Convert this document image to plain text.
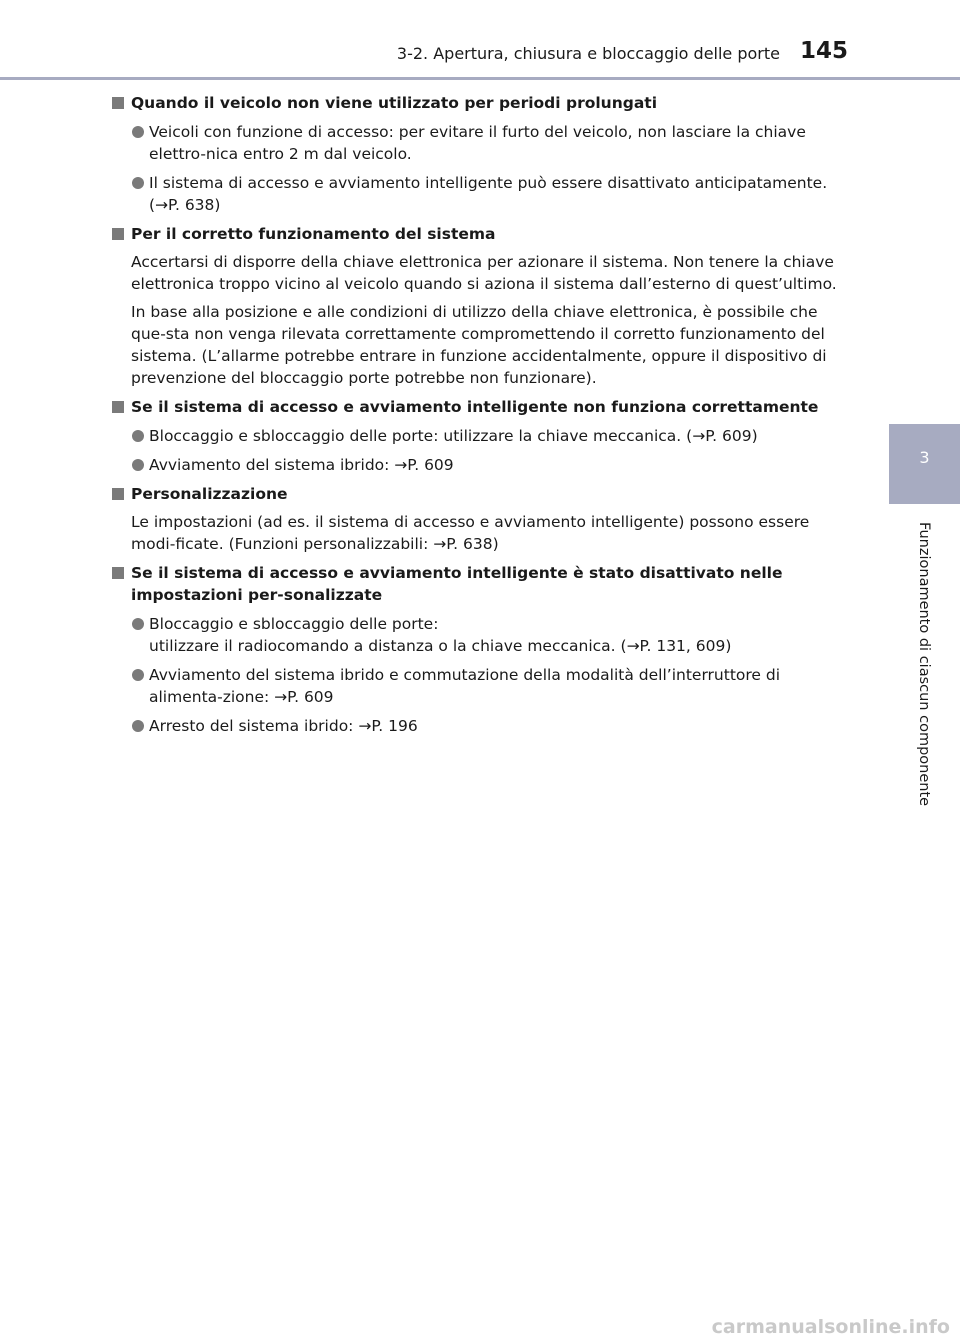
3-2. Apertura, chiusura e bloccaggio delle porte 145
3
Funzionamento di ciascun componente
Quando il veicolo non viene utilizzato per periodi prolungati
Veicoli con funzione di accesso: per evitare il furto del veicolo, non lasciare la chiave elettro-nica entro 2 m dal veicolo.
Il sistema di accesso e avviamento intelligente può essere disattivato anticipatamente.
(→P. 638)
Per il corretto funzionamento del sistema
Accertarsi di disporre della chiave elettronica per azionare il sistema. Non tenere la chiave elettronica troppo vicino al veicolo quando si aziona il sistema dall’esterno di quest’ultimo.
In base alla posizione e alle condizioni di utilizzo della chiave elettronica, è possibile che que-sta non venga rilevata correttamente compromettendo il corretto funzionamento del sistema. (L’allarme potrebbe entrare in funzione accidentalmente, oppure il dispositivo di prevenzione del bloccaggio porte potrebbe non funzionare).
Se il sistema di accesso e avviamento intelligente non funziona correttamente
Bloccaggio e sbloccaggio delle porte: utilizzare la chiave meccanica. (→P. 609)
Avviamento del sistema ibrido: →P. 609
Personalizzazione
Le impostazioni (ad es. il sistema di accesso e avviamento intelligente) possono essere modi-ficate. (Funzioni personalizzabili: →P. 638)
Se il sistema di accesso e avviamento intelligente è stato disattivato nelle impostazioni per-sonalizzate
Bloccaggio e sbloccaggio delle porte:
utilizzare il radiocomando a distanza o la chiave meccanica. (→P. 131, 609)
Avviamento del sistema ibrido e commutazione della modalità dell’interruttore di alimenta-zione: →P. 609
Arresto del sistema ibrido: →P. 196
carmanualsonline.info
